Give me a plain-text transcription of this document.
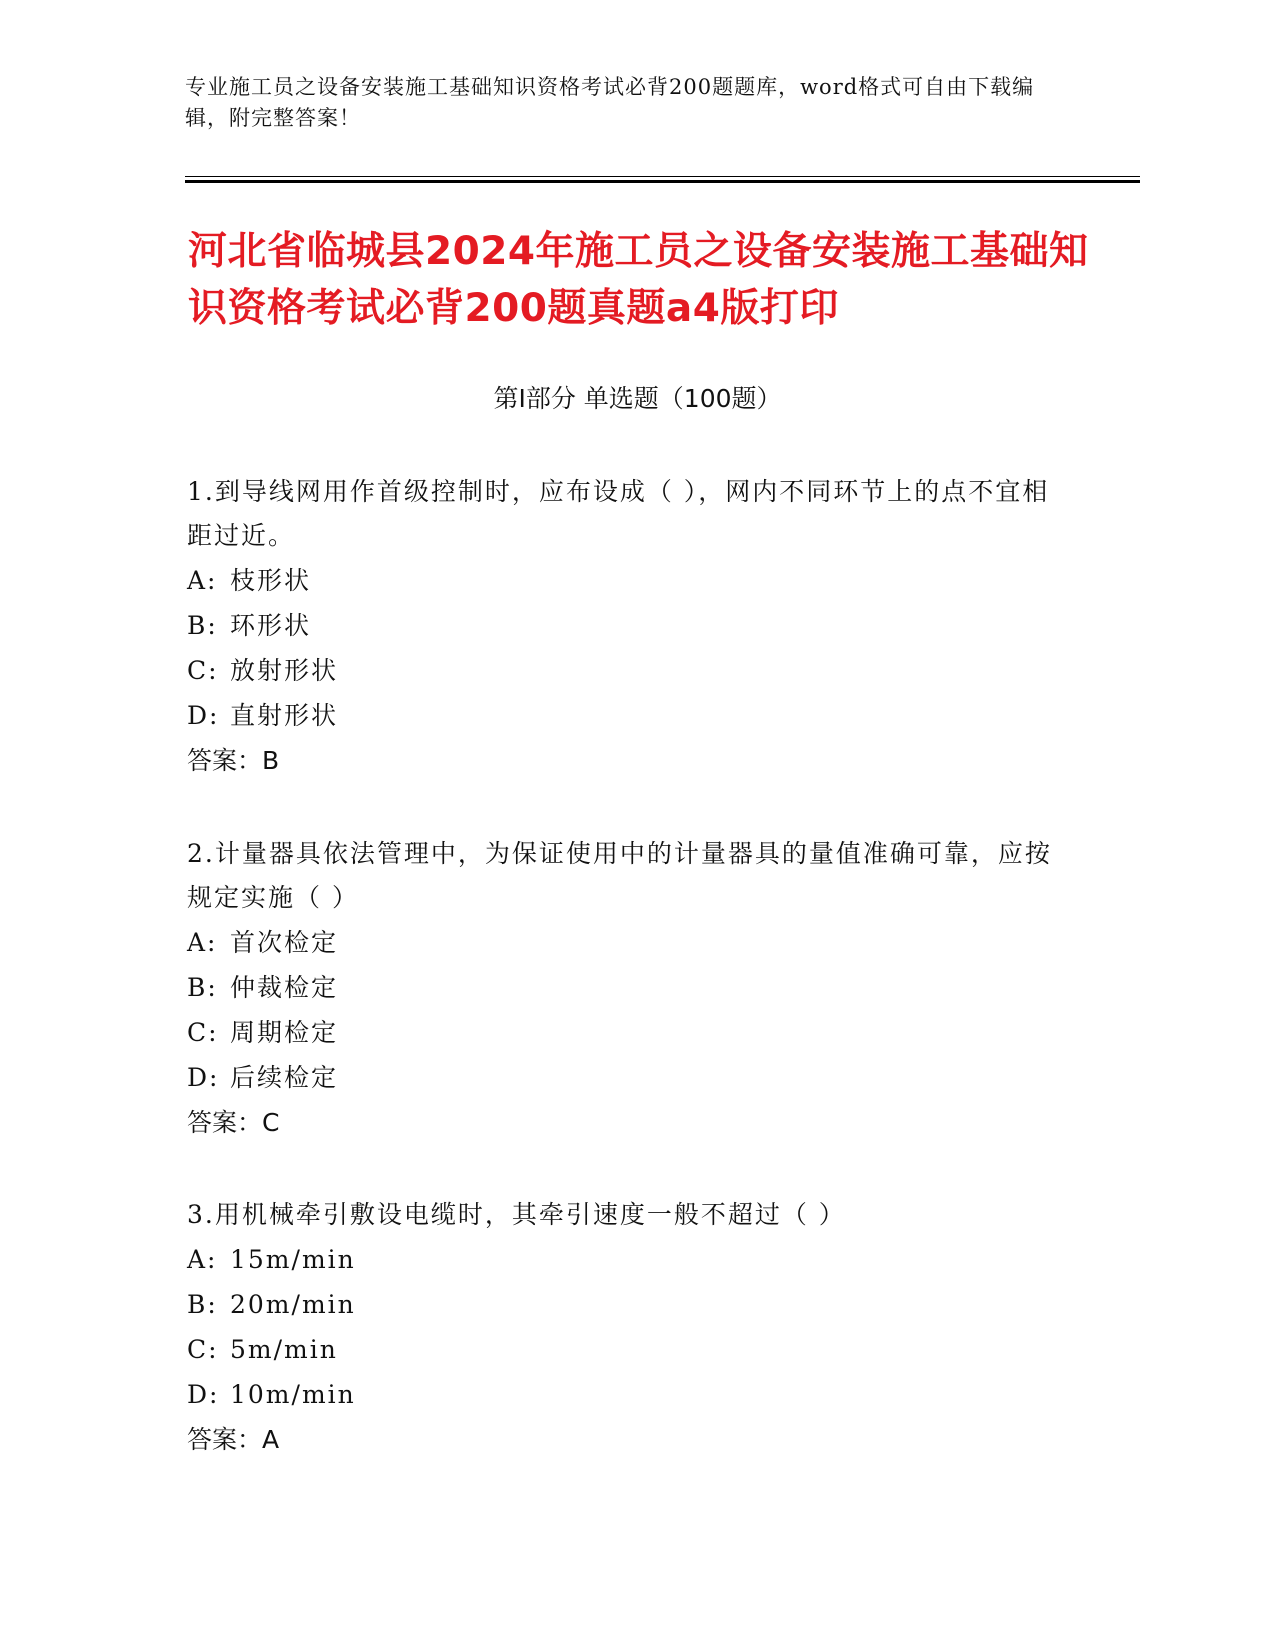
专业施工员之设备安装施工基础知识资格考试必背200题题库，word格式可自由下载编辑，附完整答案！
河北省临城县2024年施工员之设备安装施工基础知识资格考试必背200题真题a4版打印
第Ⅰ部分 单选题（100题）
1.到导线网用作首级控制时，应布设成（ ），网内不同环节上的点不宜相距过近。
A: 枝形状
B: 环形状
C: 放射形状
D: 直射形状
答案：B
2.计量器具依法管理中，为保证使用中的计量器具的量值准确可靠，应按规定实施（ ）
A: 首次检定
B: 仲裁检定
C: 周期检定
D: 后续检定
答案：C
3.用机械牵引敷设电缆时，其牵引速度一般不超过（ ）
A: 15m/min
B: 20m/min
C: 5m/min
D: 10m/min
答案：A
